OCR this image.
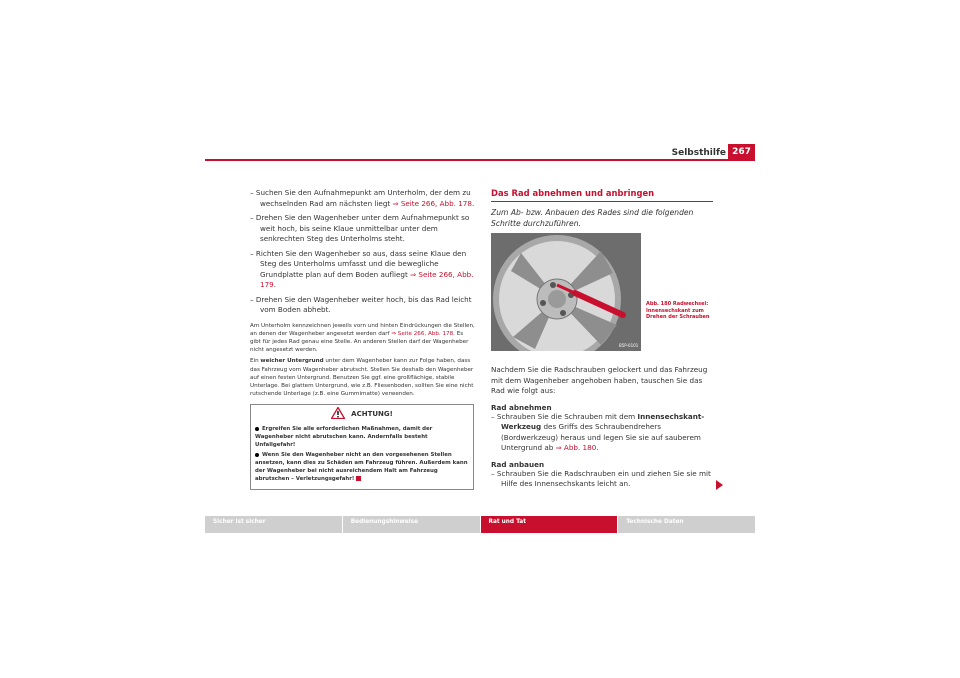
Selbsthilfe 267
– Suchen Sie den Aufnahmepunkt am Unterholm, der dem zu wechselnden Rad am nächsten liegt ⇒ Seite 266, Abb. 178.
– Drehen Sie den Wagenheber unter dem Aufnahmepunkt so weit hoch, bis seine Klaue unmittelbar unter dem senkrechten Steg des Unterholms steht.
– Richten Sie den Wagenheber so aus, dass seine Klaue den Steg des Unterholms umfasst und die bewegliche Grundplatte plan auf dem Boden aufliegt ⇒ Seite 266, Abb. 179.
– Drehen Sie den Wagenheber weiter hoch, bis das Rad leicht vom Boden abhebt.

Am Unterholm kennzeichnen jeweils vorn und hinten Eindrückungen die Stellen, an denen der Wagenheber angesetzt werden darf ⇒ Seite 266, Abb. 178. Es gibt für jedes Rad genau eine Stelle. An anderen Stellen darf der Wagenheber nicht angesetzt werden.

Ein weicher Untergrund unter dem Wagenheber kann zur Folge haben, dass das Fahrzeug vom Wagenheber abrutscht. Stellen Sie deshalb den Wagenheber auf einen festen Untergrund. Benutzen Sie ggf. eine großflächige, stabile Unterlage. Bei glattem Untergrund, wie z.B. Fliesenboden, sollten Sie eine nicht rutschende Unterlage (z.B. eine Gummimatte) verwenden.

ACHTUNG!

Ergreifen Sie alle erforderlichen Maßnahmen, damit der Wagenheber nicht abrutschen kann. Andernfalls besteht Unfallgefahr!

Wenn Sie den Wagenheber nicht an den vorgesehenen Stellen ansetzen, kann dies zu Schäden am Fahrzeug führen. Außerdem kann der Wagenheber bei nicht ausreichendem Halt am Fahrzeug abrutschen – Verletzungsgefahr!

Das Rad abnehmen und anbringen
Zum Ab- bzw. Anbauen des Rades sind die folgenden Schritte durchzuführen.
B5P-0101
Abb. 180 Radwechsel: Innensechskant zum Drehen der Schrauben
Nachdem Sie die Radschrauben gelockert und das Fahrzeug mit dem Wagenheber angehoben haben, tauschen Sie das Rad wie folgt aus:
Rad abnehmen
– Schrauben Sie die Schrauben mit dem Innensechskant-Werkzeug des Griffs des Schraubendrehers (Bordwerkzeug) heraus und legen Sie sie auf sauberem Untergrund ab ⇒ Abb. 180.
Rad anbauen
– Schrauben Sie die Radschrauben ein und ziehen Sie sie mit Hilfe des Innensechskants leicht an.
Sicher ist sicher	Bedienungshinweise	Rat und Tat	Technische Daten
